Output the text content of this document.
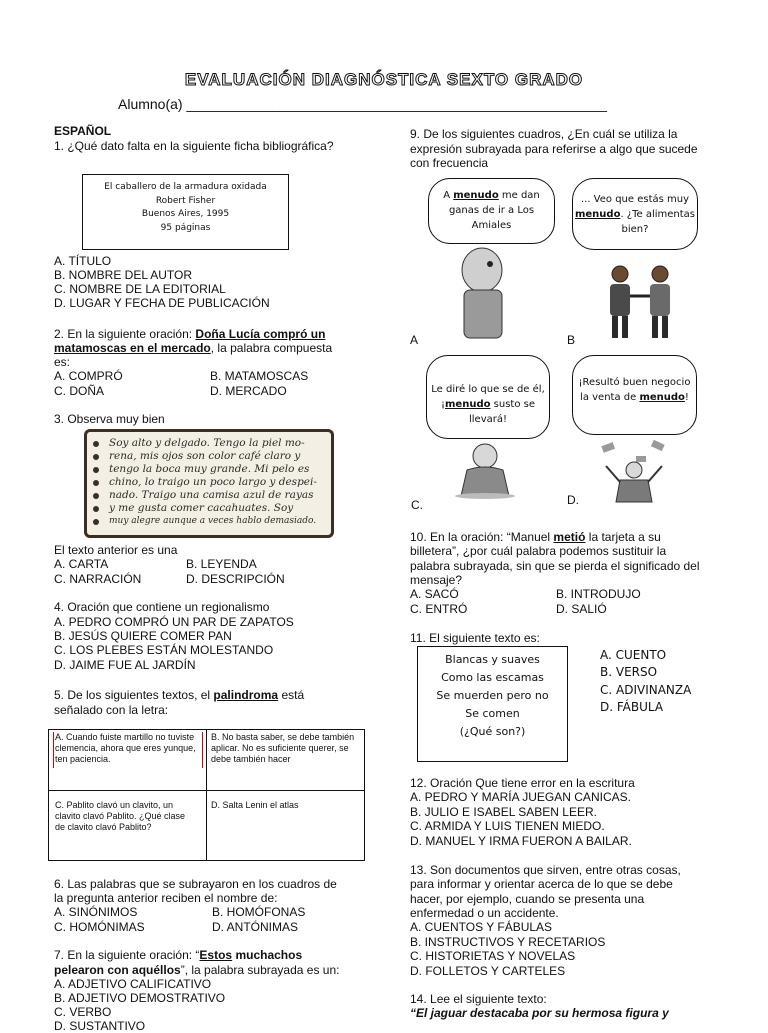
EVALUACIÓN DIAGNÓSTICA SEXTO GRADO
Alumno(a) ______________________________________________________
ESPAÑOL
1. ¿Qué dato falta en la siguiente ficha bibliográfica?
El caballero de la armadura oxidada
Robert Fisher
Buenos Aires, 1995
95 páginas
A. TÍTULO
B. NOMBRE DEL AUTOR
C. NOMBRE DE LA EDITORIAL
D. LUGAR Y FECHA DE PUBLICACIÓN
2. En la siguiente oración: Doña Lucía compró un
matamoscas en el mercado, la palabra compuesta
es:
A. COMPRÓ	B. MATAMOSCAS
C. DOÑA	D. MERCADO
3. Observa muy bien
Soy alto y delgado. Tengo la piel mo-
rena, mis ojos son color café claro y
tengo la boca muy grande. Mi pelo es
chino, lo traigo un poco largo y despei-
nado. Traigo una camisa azul de rayas
y me gusta comer cacahuates. Soy
muy alegre aunque a veces hablo demasiado.
El texto anterior es una
A. CARTA	B. LEYENDA
C. NARRACIÓN	D. DESCRIPCIÓN
4. Oración que contiene un regionalismo
A. PEDRO COMPRÓ UN PAR DE ZAPATOS
B. JESÚS QUIERE COMER PAN
C. LOS PLEBES ESTÁN MOLESTANDO
D. JAIME FUE AL JARDÍN
5. De los siguientes textos, el palindroma está
señalado con la letra:
A. Cuando fuiste martillo no tuviste clemencia, ahora que eres yunque, ten paciencia.
B. No basta saber, se debe también aplicar. No es suficiente querer, se debe también hacer
C. Pablito clavó un clavito, un clavito clavó Pablito. ¿Qué clase de clavito clavó Pablito?
D. Salta Lenin el atlas
6. Las palabras que se subrayaron en los cuadros de
la pregunta anterior reciben el nombre de:
A. SINÓNIMOS	B. HOMÓFONAS
C. HOMÓNIMAS	D. ANTÓNIMAS
7. En la siguiente oración: “Estos muchachos
pelearon con aquéllos”, la palabra subrayada es un:
A. ADJETIVO CALIFICATIVO
B. ADJETIVO DEMOSTRATIVO
C. VERBO
D. SUSTANTIVO
9. De los siguientes cuadros, ¿En cuál se utiliza la
expresión subrayada para referirse a algo que sucede
con frecuencia
A menudo me dan ganas de ir a Los Amiales
A
... Veo que estás muy menudo. ¿Te alimentas bien?
B
Le diré lo que se de él, ¡menudo susto se llevará!
C.
¡Resultó buen negocio la venta de menudo!
D.
10. En la oración: “Manuel metió la tarjeta a su
billetera”, ¿por cuál palabra podemos sustituir la
palabra subrayada, sin que se pierda el significado del
mensaje?
A. SACÓ	B. INTRODUJO
C. ENTRÓ	D. SALIÓ
11. El siguiente texto es:
Blancas y suaves
Como las escamas
Se muerden pero no
Se comen
(¿Qué son?)
A. CUENTO
B. VERSO
C. ADIVINANZA
D. FÁBULA
12. Oración Que tiene error en la escritura
A. PEDRO Y MARÍA JUEGAN CANICAS.
B. JULIO E ISABEL SABEN LEER.
C. ARMIDA Y LUIS TIENEN MIEDO.
D. MANUEL Y IRMA FUERON A BAILAR.
13. Son documentos que sirven, entre otras cosas,
para informar y orientar acerca de lo que se debe
hacer, por ejemplo, cuando se presenta una
enfermedad o un accidente.
A. CUENTOS Y FÁBULAS
B. INSTRUCTIVOS Y RECETARIOS
C. HISTORIETAS Y NOVELAS
D. FOLLETOS Y CARTELES
14. Lee el siguiente texto:
“El jaguar destacaba por su hermosa figura y
